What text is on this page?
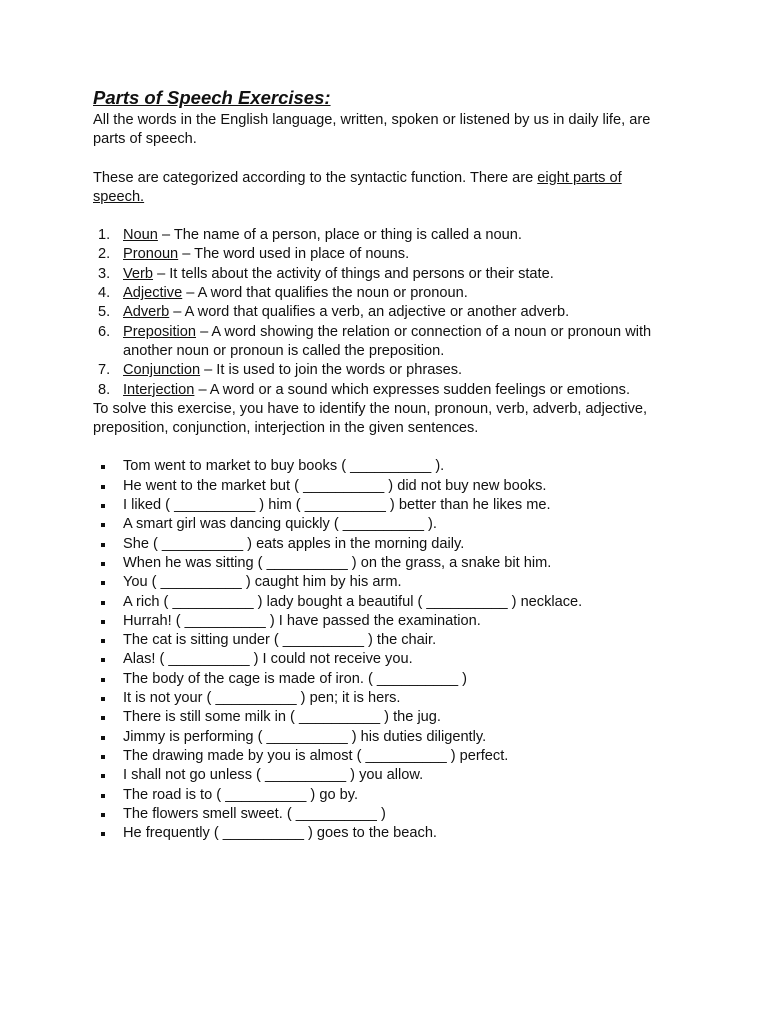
Parts of Speech Exercises:

All the words in the English language, written, spoken or listened by us in daily life, are parts of speech.

These are categorized according to the syntactic function. There are eight parts of speech.

1. Noun – The name of a person, place or thing is called a noun.
2. Pronoun – The word used in place of nouns.
3. Verb – It tells about the activity of things and persons or their state.
4. Adjective – A word that qualifies the noun or pronoun.
5. Adverb – A word that qualifies a verb, an adjective or another adverb.
6. Preposition – A word showing the relation or connection of a noun or pronoun with another noun or pronoun is called the preposition.
7. Conjunction – It is used to join the words or phrases.
8. Interjection – A word or a sound which expresses sudden feelings or emotions.

To solve this exercise, you have to identify the noun, pronoun, verb, adverb, adjective, preposition, conjunction, interjection in the given sentences.

Tom went to market to buy books ( __________ ).
He went to the market but ( __________ ) did not buy new books.
I liked ( __________ ) him ( __________ ) better than he likes me.
A smart girl was dancing quickly ( __________ ).
She ( __________ ) eats apples in the morning daily.
When he was sitting ( __________ ) on the grass, a snake bit him.
You ( __________ ) caught him by his arm.
A rich ( __________ ) lady bought a beautiful ( __________ ) necklace.
Hurrah! ( __________ ) I have passed the examination.
The cat is sitting under ( __________ ) the chair.
Alas! ( __________ ) I could not receive you.
The body of the cage is made of iron. ( __________ )
It is not your ( __________ ) pen; it is hers.
There is still some milk in ( __________ ) the jug.
Jimmy is performing ( __________ ) his duties diligently.
The drawing made by you is almost ( __________ ) perfect.
I shall not go unless ( __________ ) you allow.
The road is to ( __________ ) go by.
The flowers smell sweet. ( __________ )
He frequently ( __________ ) goes to the beach.
